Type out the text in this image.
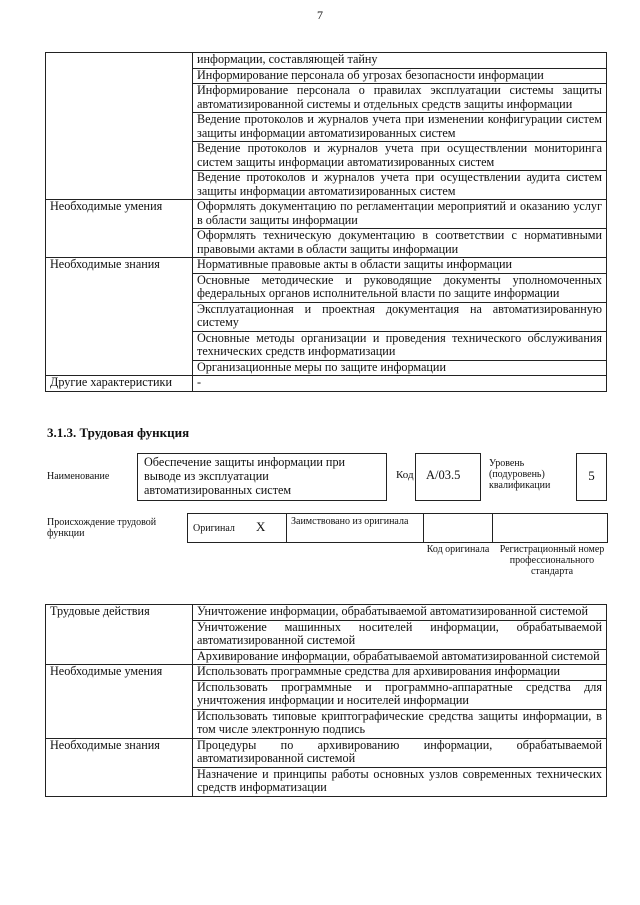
7
	информации, составляющей тайну
	Информирование персонала об угрозах безопасности информации
	Информирование персонала о правилах эксплуатации системы защиты автоматизированной системы и отдельных средств защиты информации
	Ведение протоколов и журналов учета при изменении конфигурации систем защиты информации автоматизированных систем
	Ведение протоколов и журналов учета при осуществлении мониторинга систем защиты информации автоматизированных систем
	Ведение протоколов и журналов учета при осуществлении аудита систем защиты информации автоматизированных систем
Необходимые умения	Оформлять документацию по регламентации мероприятий и оказанию услуг в области защиты информации
	Оформлять техническую документацию в соответствии с нормативными правовыми актами в области защиты информации
Необходимые знания	Нормативные правовые акты в области защиты информации
	Основные методические и руководящие документы уполномоченных федеральных органов исполнительной власти по защите информации
	Эксплуатационная и проектная документация на автоматизированную систему
	Основные методы организации и проведения технического обслуживания технических средств информатизации
	Организационные меры по защите информации
Другие характеристики	-
3.1.3. Трудовая функция
Наименование
Обеспечение защиты информации при выводе из эксплуатации автоматизированных систем
Код A/03.5
Уровень (подуровень) квалификации
5
Происхождение трудовой функции	Оригинал X	Заимствовано из оригинала
Код оригинала	Регистрационный номер профессионального стандарта
Трудовые действия	Уничтожение информации, обрабатываемой автоматизированной системой
	Уничтожение машинных носителей информации, обрабатываемой автоматизированной системой
	Архивирование информации, обрабатываемой автоматизированной системой
Необходимые умения	Использовать программные средства для архивирования информации
	Использовать программные и программно-аппаратные средства для уничтожения информации и носителей информации
	Использовать типовые криптографические средства защиты информации, в том числе электронную подпись
Необходимые знания	Процедуры по архивированию информации, обрабатываемой автоматизированной системой
	Назначение и принципы работы основных узлов современных технических средств информатизации
